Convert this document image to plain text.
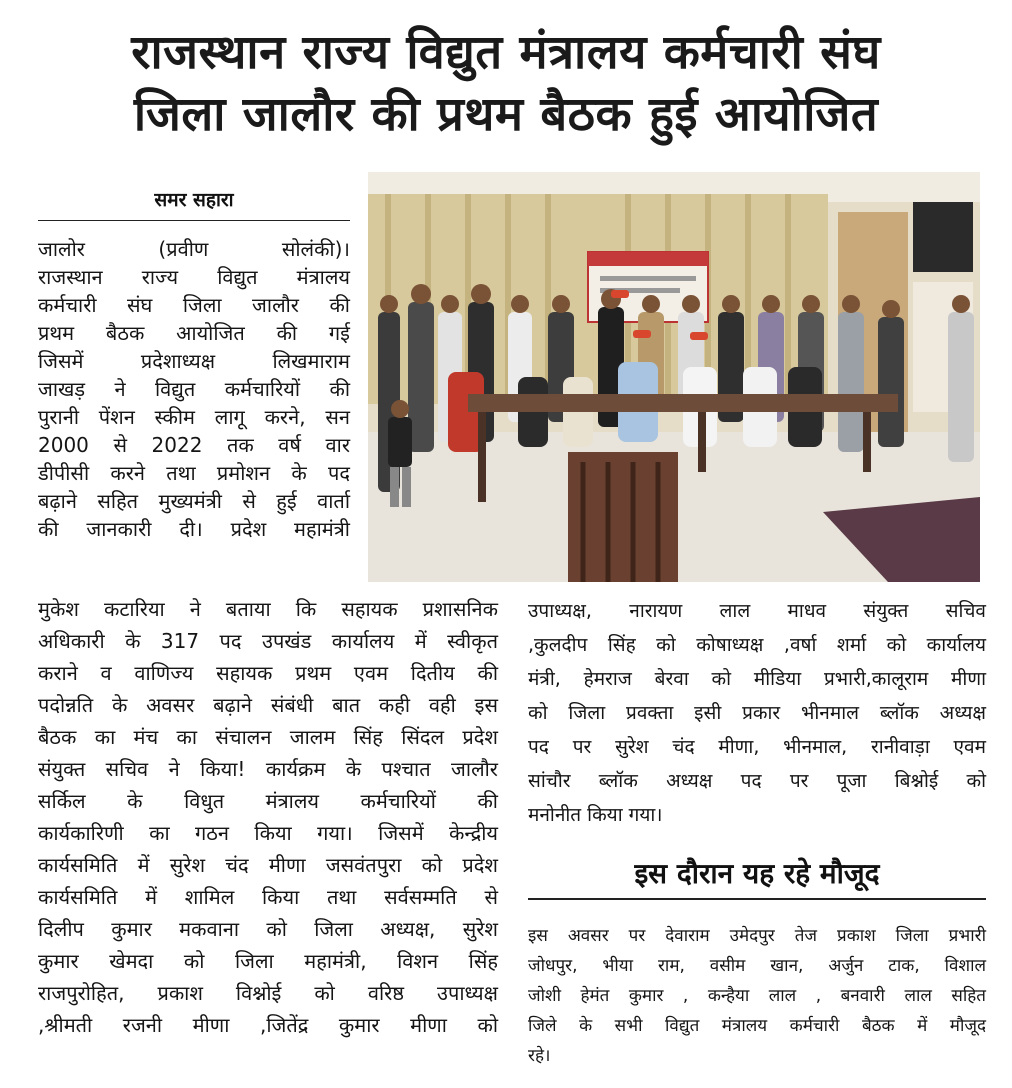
राजस्थान राज्य विद्युत मंत्रालय कर्मचारी संघ
जिला जालौर की प्रथम बैठक हुई आयोजित
समर सहारा
जालोर (प्रवीण सोलंकी)।
राजस्थान राज्य विद्युत मंत्रालय
कर्मचारी संघ जिला जालौर की
प्रथम बैठक आयोजित की गई
जिसमें प्रदेशाध्यक्ष लिखमाराम
जाखड़ ने विद्युत कर्मचारियों की
पुरानी पेंशन स्कीम लागू करने, सन
2000 से 2022 तक वर्ष वार
डीपीसी करने तथा प्रमोशन के पद
बढ़ाने सहित मुख्यमंत्री से हुई वार्ता
की जानकारी दी। प्रदेश महामंत्री
मुकेश कटारिया ने बताया कि सहायक प्रशासनिक
अधिकारी के 317 पद उपखंड कार्यालय में स्वीकृत
कराने व वाणिज्य सहायक प्रथम एवम दितीय की
पदोन्नति के अवसर बढ़ाने संबंधी बात कही वही इस
बैठक का मंच का संचालन जालम सिंह सिंदल प्रदेश
संयुक्त सचिव ने किया! कार्यक्रम के पश्चात जालौर
सर्किल के विधुत मंत्रालय कर्मचारियों की
कार्यकारिणी का गठन किया गया। जिसमें केन्द्रीय
कार्यसमिति में सुरेश चंद मीणा जसवंतपुरा को प्रदेश
कार्यसमिति में शामिल किया तथा सर्वसम्मति से
दिलीप कुमार मकवाना को जिला अध्यक्ष, सुरेश
कुमार खेमदा को जिला महामंत्री, विशन सिंह
राजपुरोहित, प्रकाश विश्नोई को वरिष्ठ उपाध्यक्ष
,श्रीमती रजनी मीणा ,जितेंद्र कुमार मीणा को
उपाध्यक्ष, नारायण लाल माधव संयुक्त सचिव
,कुलदीप सिंह को कोषाध्यक्ष ,वर्षा शर्मा को कार्यालय
मंत्री, हेमराज बेरवा को मीडिया प्रभारी,कालूराम मीणा
को जिला प्रवक्ता इसी प्रकार भीनमाल ब्लॉक अध्यक्ष
पद पर सुरेश चंद मीणा, भीनमाल, रानीवाड़ा एवम
सांचौर ब्लॉक अध्यक्ष पद पर पूजा बिश्नोई को
मनोनीत किया गया।
इस दौरान यह रहे मौजूद
इस अवसर पर देवाराम उमेदपुर तेज प्रकाश जिला प्रभारी
जोधपुर, भीया राम, वसीम खान, अर्जुन टाक, विशाल
जोशी हेमंत कुमार , कन्हैया लाल , बनवारी लाल सहित
जिले के सभी विद्युत मंत्रालय कर्मचारी बैठक में मौजूद
रहे।
